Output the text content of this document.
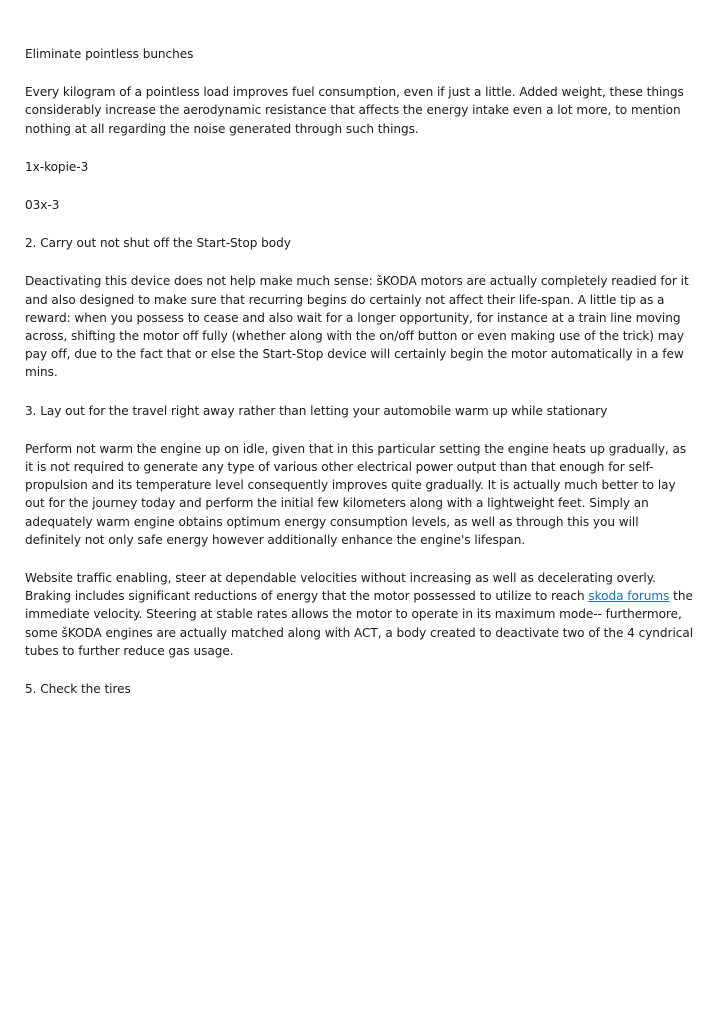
Eliminate pointless bunches

Every kilogram of a pointless load improves fuel consumption, even if just a little. Added weight, these things considerably increase the aerodynamic resistance that affects the energy intake even a lot more, to mention nothing at all regarding the noise generated through such things.

1x-kopie-3

03x-3

2. Carry out not shut off the Start-Stop body

Deactivating this device does not help make much sense: šKODA motors are actually completely readied for it and also designed to make sure that recurring begins do certainly not affect their life-span. A little tip as a reward: when you possess to cease and also wait for a longer opportunity, for instance at a train line moving across, shifting the motor off fully (whether along with the on/off button or even making use of the trick) may pay off, due to the fact that or else the Start-Stop device will certainly begin the motor automatically in a few mins.

3. Lay out for the travel right away rather than letting your automobile warm up while stationary

Perform not warm the engine up on idle, given that in this particular setting the engine heats up gradually, as it is not required to generate any type of various other electrical power output than that enough for self-propulsion and its temperature level consequently improves quite gradually. It is actually much better to lay out for the journey today and perform the initial few kilometers along with a lightweight feet. Simply an adequately warm engine obtains optimum energy consumption levels, as well as through this you will definitely not only safe energy however additionally enhance the engine's lifespan.

Website traffic enabling, steer at dependable velocities without increasing as well as decelerating overly. Braking includes significant reductions of energy that the motor possessed to utilize to reach skoda forums the immediate velocity. Steering at stable rates allows the motor to operate in its maximum mode-- furthermore, some šKODA engines are actually matched along with ACT, a body created to deactivate two of the 4 cyndrical tubes to further reduce gas usage.

5. Check the tires
